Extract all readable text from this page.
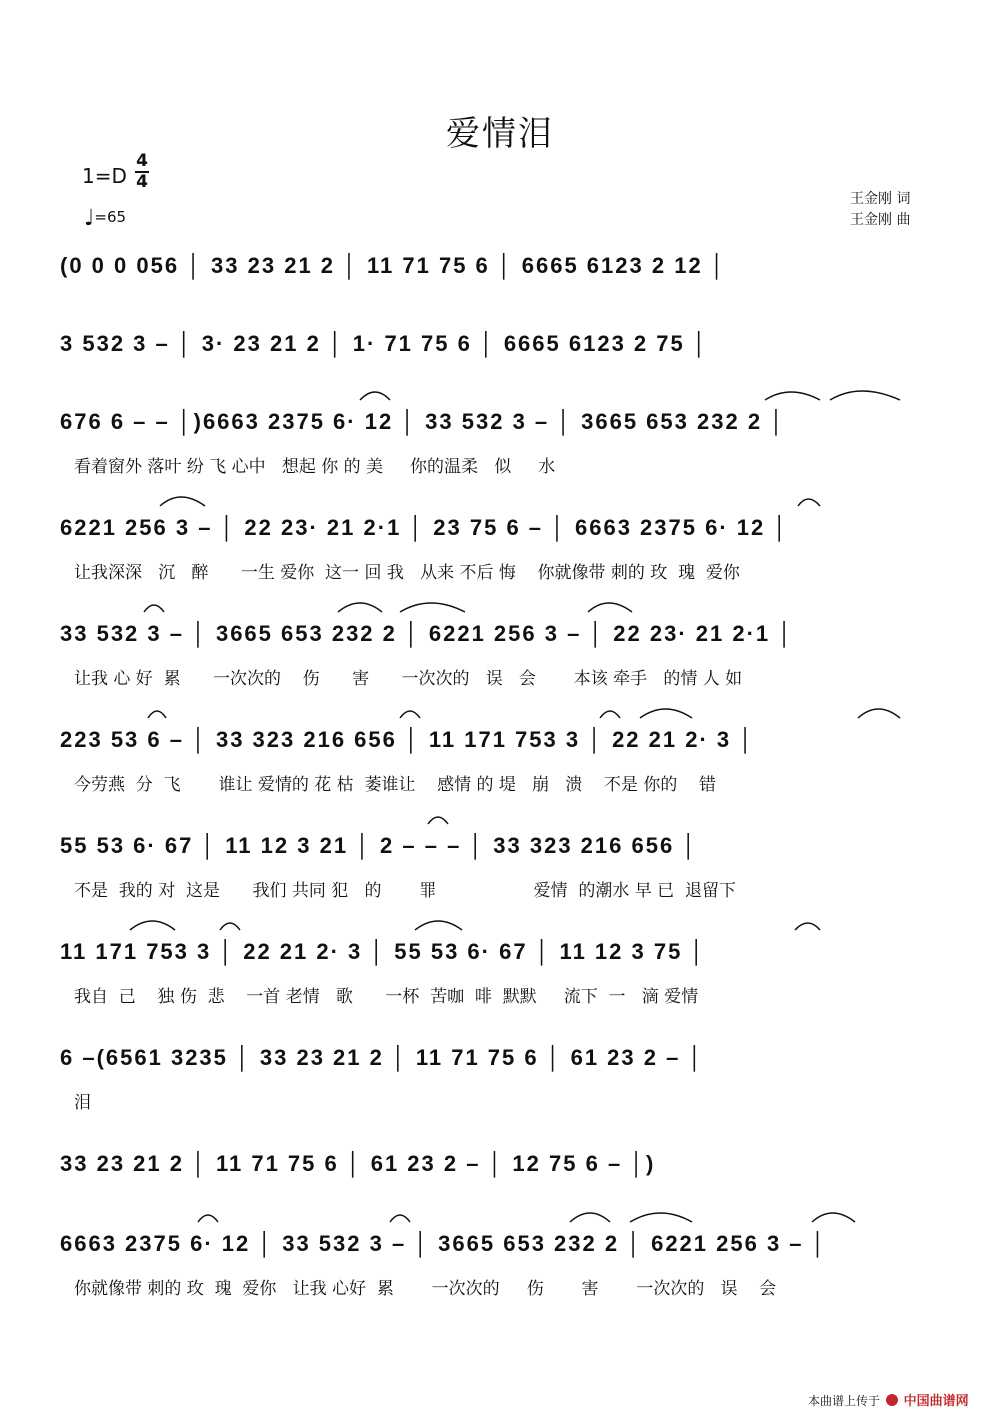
爱情泪
1=D
4
4
♩=65
王金刚 词
王金刚 曲
(0 0 0 056 │ 33 23 21 2 │ 11 71 75 6 │ 6665 6123 2 12 │
3 532 3 – │ 3· 23 21 2 │ 1· 71 75 6 │ 6665 6123 2 75 │
676 6 – – │)6663 2375 6· 12 │ 33 532 3 – │ 3665 653 232 2 │
看着窗外 落叶 纷 飞 心中   想起 你 的 美     你的温柔   似     水
6221 256 3 – │ 22 23· 21 2·1 │ 23 75 6 – │ 6663 2375 6· 12 │
让我深深   沉   醉      一生 爱你  这一 回 我   从来 不后 悔    你就像带 刺的 玫  瑰  爱你
33 532 3 – │ 3665 653 232 2 │ 6221 256 3 – │ 22 23· 21 2·1 │
让我 心 好  累      一次次的    伤      害      一次次的   误   会       本该 牵手   的情 人 如
223 53 6 – │ 33 323 216 656 │ 11 171 753 3 │ 22 21 2· 3 │
今劳燕  分  飞       谁让 爱情的 花 枯  萎谁让    感情 的 堤   崩   溃    不是 你的    错
55 53 6· 67 │ 11 12 3 21 │ 2 – – – │ 33 323 216 656 │
不是  我的 对  这是      我们 共同 犯   的       罪                  爱情  的潮水 早 已  退留下
11 171 753 3 │ 22 21 2· 3 │ 55 53 6· 67 │ 11 12 3 75 │
我自  己    独 伤  悲    一首 老情   歌      一杯  苦咖  啡  默默     流下  一   滴 爱情
6 –(6561 3235 │ 33 23 21 2 │ 11 71 75 6 │ 61 23 2 – │
泪
33 23 21 2 │ 11 71 75 6 │ 61 23 2 – │ 12 75 6 – │)
6663 2375 6· 12 │ 33 532 3 – │ 3665 653 232 2 │ 6221 256 3 – │
你就像带 刺的 玫  瑰  爱你   让我 心好  累       一次次的     伤       害       一次次的   误    会
本曲谱上传于 中国曲谱网
